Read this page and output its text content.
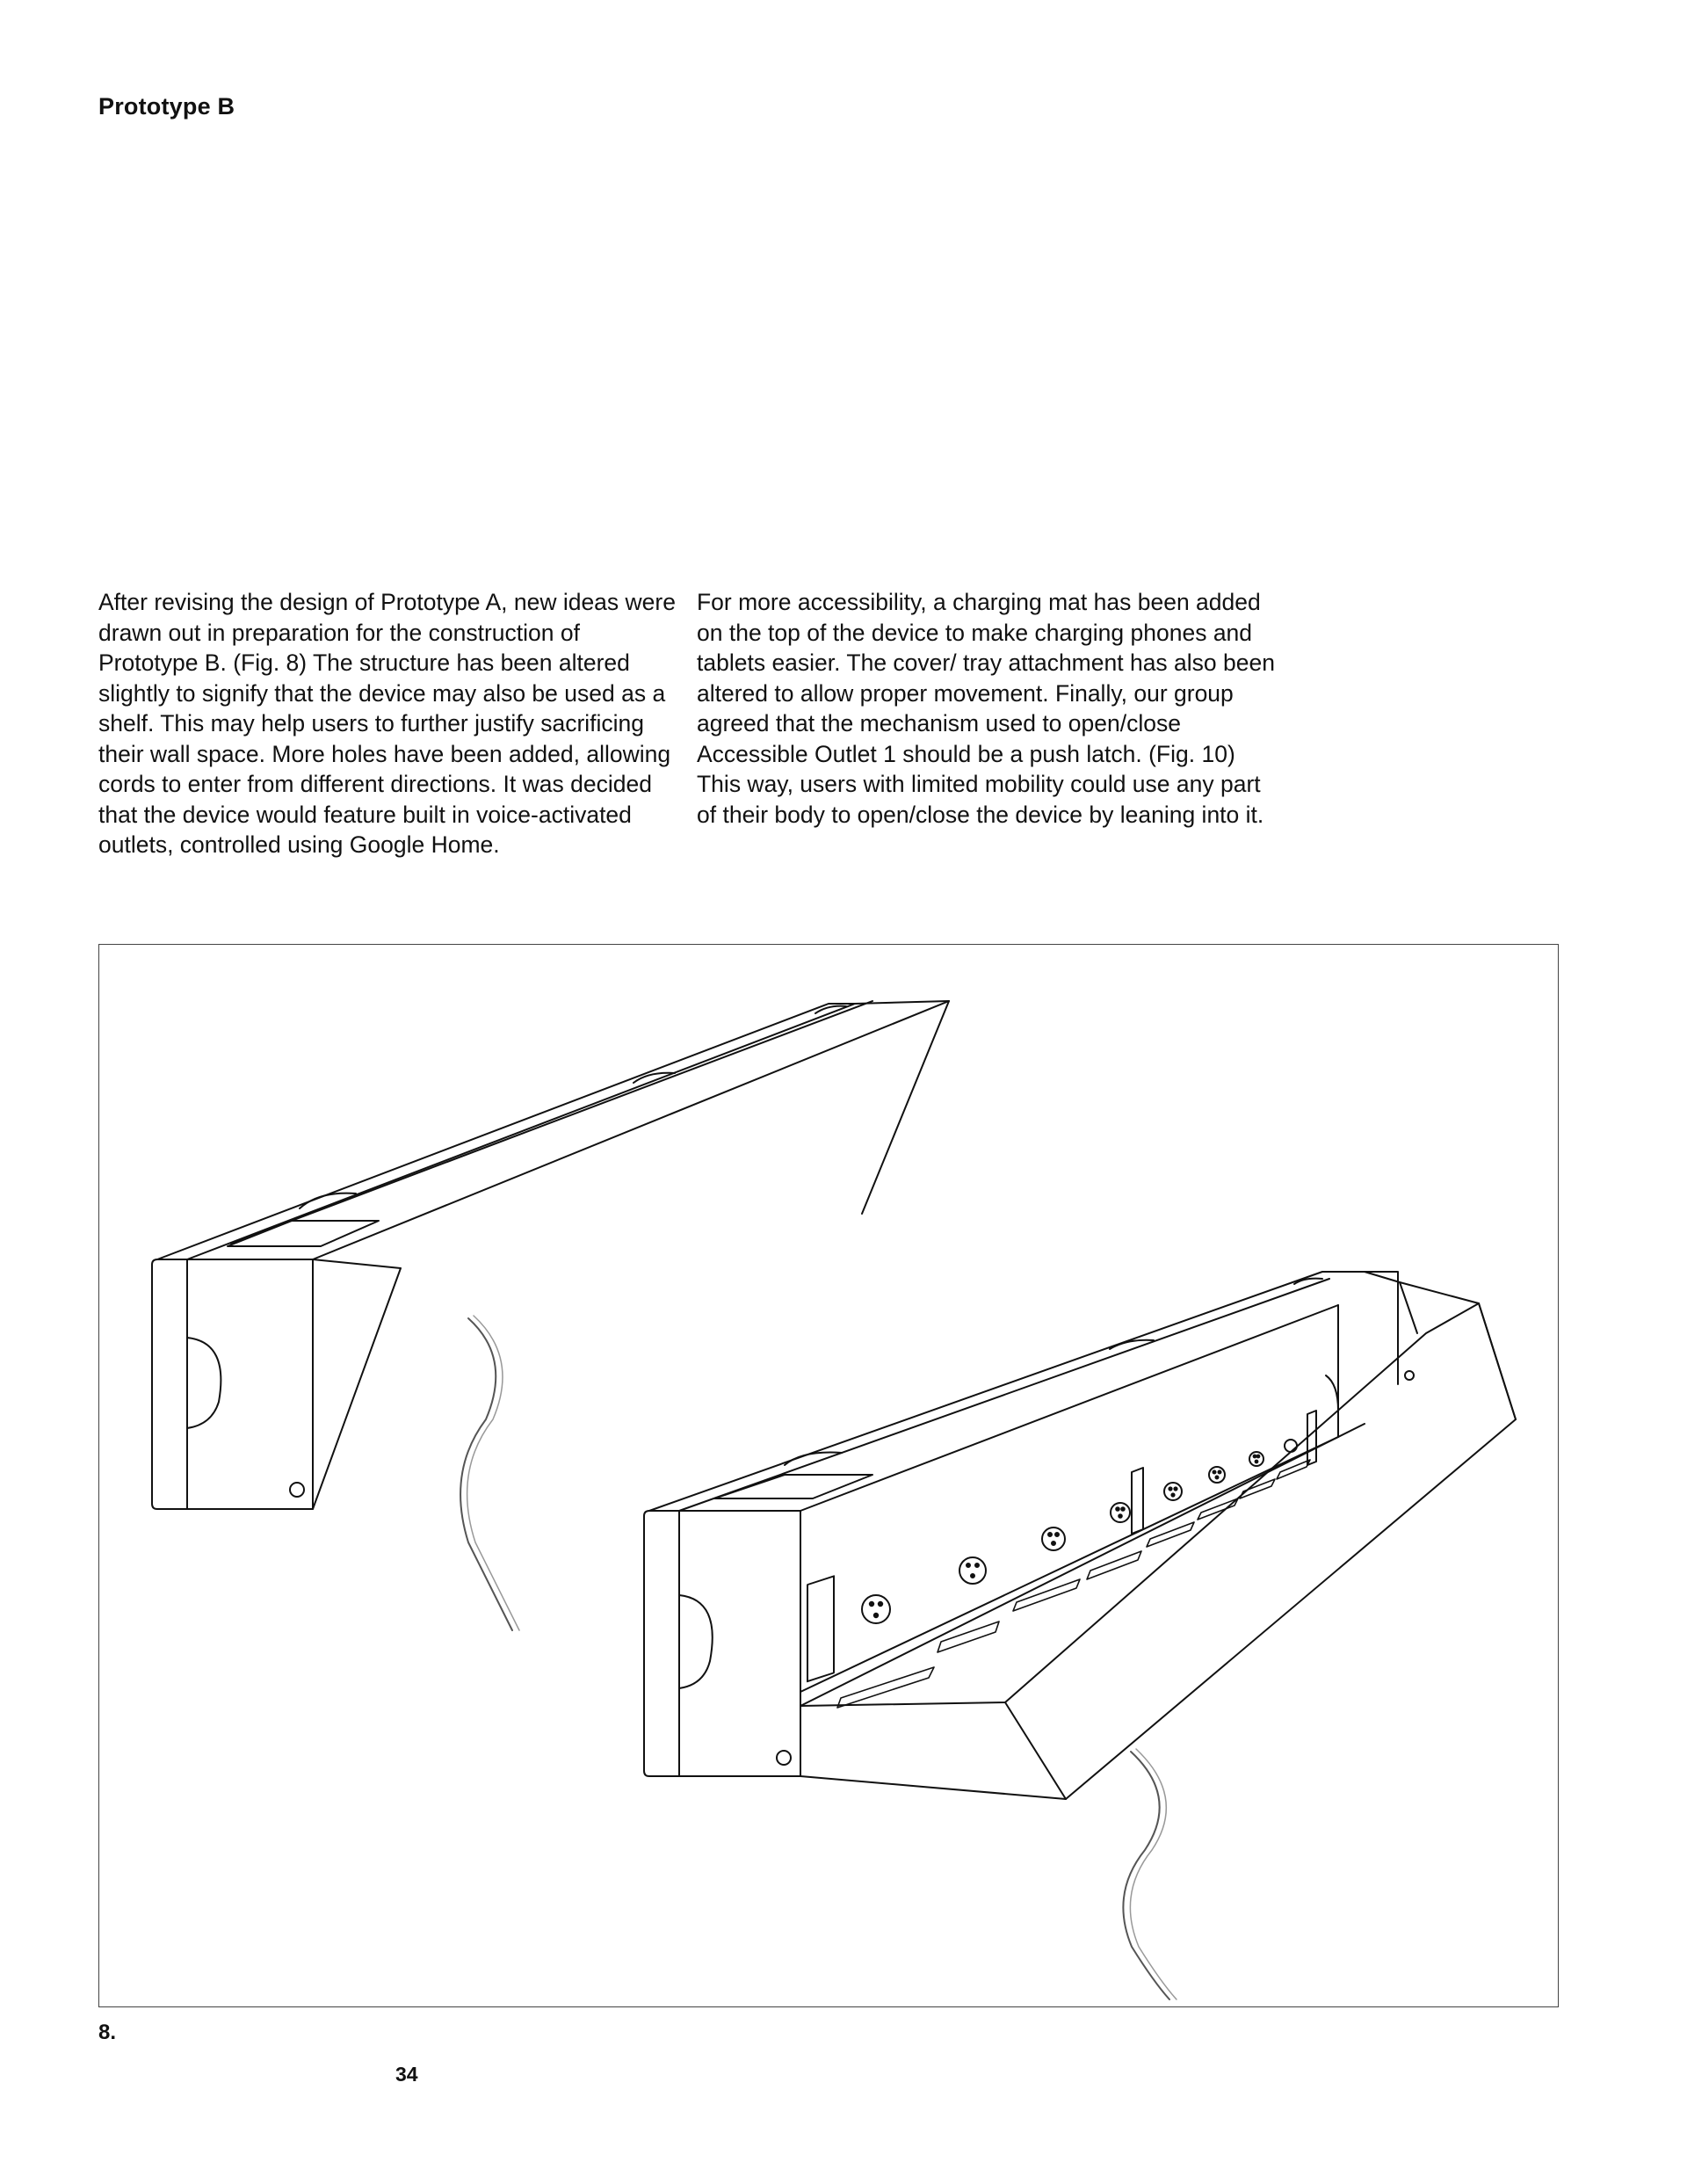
Prototype B
After revising the design of Prototype A, new ideas were drawn out in preparation for the construction of Prototype B. (Fig. 8) The structure has been altered slightly to signify that the device may also be used as a shelf. This may help users to further justify sacrificing their wall space. More holes have been added, allowing cords to enter from different directions. It was decided that the device would feature built in voice-activated outlets, controlled using Google Home.
For more accessibility, a charging mat has been added on the top of the device to make charging phones and tablets easier. The cover/ tray attachment has also been altered to allow proper movement. Finally, our group agreed that the mechanism used to open/close Accessible Outlet 1 should be a push latch. (Fig. 10) This way, users with limited mobility could use any part of their body to open/close the device by leaning into it.
8.
34
